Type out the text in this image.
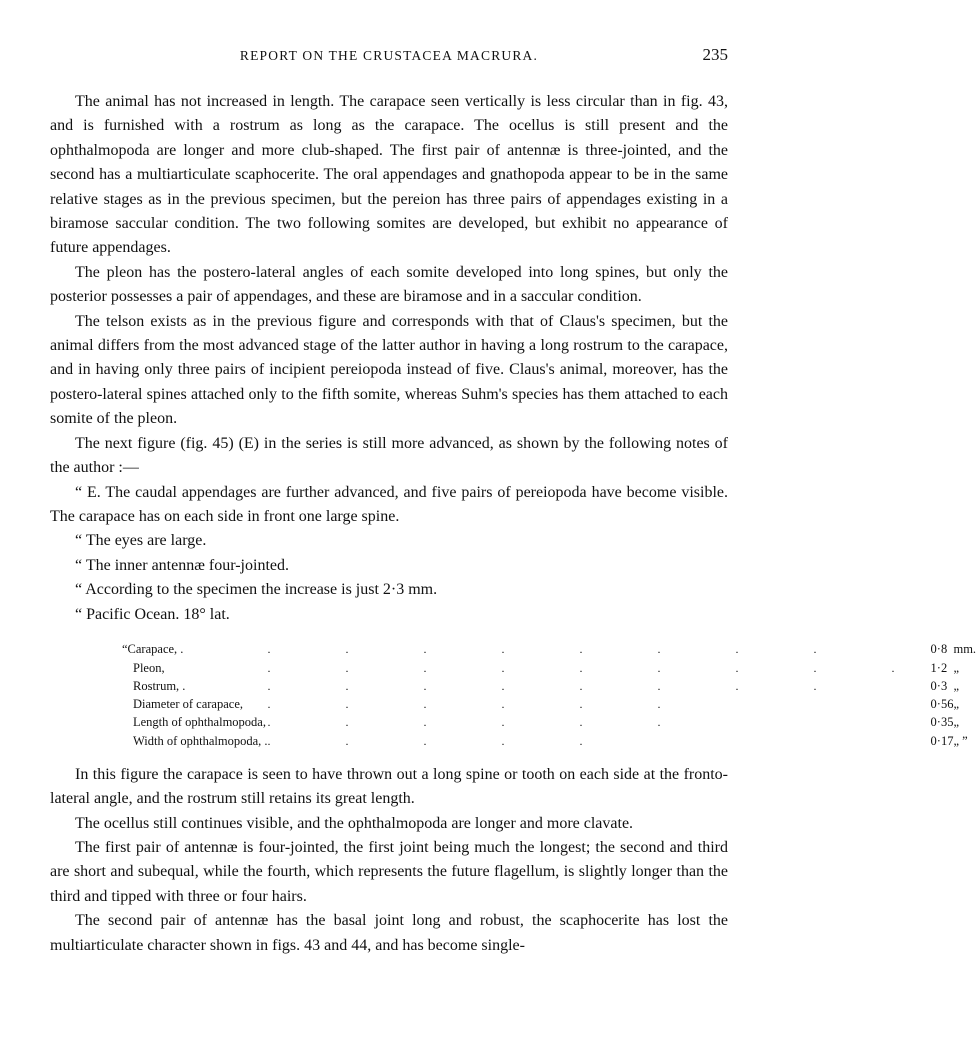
REPORT ON THE CRUSTACEA MACRURA.	235

The animal has not increased in length. The carapace seen vertically is less circular than in fig. 43, and is furnished with a rostrum as long as the carapace. The ocellus is still present and the ophthalmopoda are longer and more club-shaped. The first pair of antennæ is three-jointed, and the second has a multiarticulate scaphocerite. The oral appendages and gnathopoda appear to be in the same relative stages as in the previous specimen, but the pereion has three pairs of appendages existing in a biramose saccular condition. The two following somites are developed, but exhibit no appearance of future appendages.

The pleon has the postero-lateral angles of each somite developed into long spines, but only the posterior possesses a pair of appendages, and these are biramose and in a saccular condition.

The telson exists as in the previous figure and corresponds with that of Claus's specimen, but the animal differs from the most advanced stage of the latter author in having a long rostrum to the carapace, and in having only three pairs of incipient pereiopoda instead of five. Claus's animal, moreover, has the postero-lateral spines attached only to the fifth somite, whereas Suhm's species has them attached to each somite of the pleon.

The next figure (fig. 45) (E) in the series is still more advanced, as shown by the following notes of the author :—

“ E. The caudal appendages are further advanced, and five pairs of pereiopoda have become visible. The carapace has on each side in front one large spine.

“ The eyes are large.
“ The inner antennæ four-jointed.
“ According to the specimen the increase is just 2·3 mm.
“ Pacific Ocean. 18° lat.
“Carapace, .	. . . . . . . .	0·8	mm.
Pleon,	. . . . . . . . .	1·2	„
Rostrum, .	. . . . . . . .	0·3	„
Diameter of carapace,	. . . . . .	0·56	„
Length of ophthalmopoda,	. . . . . .	0·35	„
Width of ophthalmopoda, .	. . . . .	0·17	„ ”

In this figure the carapace is seen to have thrown out a long spine or tooth on each side at the fronto-lateral angle, and the rostrum still retains its great length.

The ocellus still continues visible, and the ophthalmopoda are longer and more clavate.

The first pair of antennæ is four-jointed, the first joint being much the longest; the second and third are short and subequal, while the fourth, which represents the future flagellum, is slightly longer than the third and tipped with three or four hairs.

The second pair of antennæ has the basal joint long and robust, the scaphocerite has lost the multiarticulate character shown in figs. 43 and 44, and has become single-
